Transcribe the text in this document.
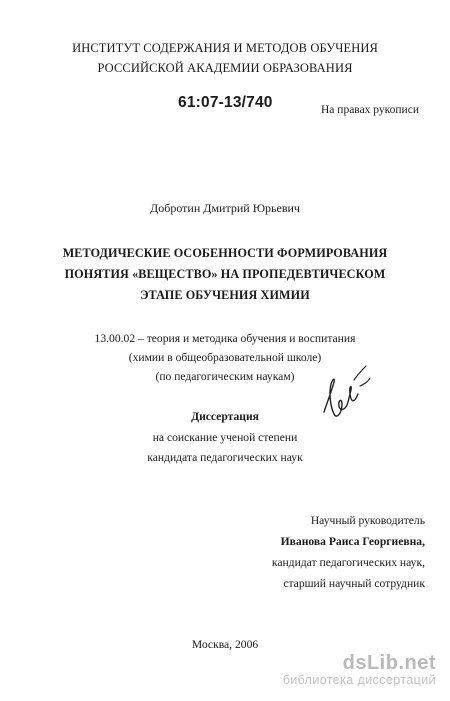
ИНСТИТУТ СОДЕРЖАНИЯ И МЕТОДОВ ОБУЧЕНИЯ
РОССИЙСКОЙ АКАДЕМИИ ОБРАЗОВАНИЯ
61:07-13/740	На правах рукописи
Добротин Дмитрий Юрьевич
МЕТОДИЧЕСКИЕ ОСОБЕННОСТИ ФОРМИРОВАНИЯ
ПОНЯТИЯ «ВЕЩЕСТВО» НА ПРОПЕДЕВТИЧЕСКОМ
ЭТАПЕ ОБУЧЕНИЯ ХИМИИ
13.00.02 – теория и методика обучения и воспитания
(химии в общеобразовательной школе)
(по педагогическим наукам)
Диссертация
на соискание ученой степени
кандидата педагогических наук
Научный руководитель
Иванова Раиса Георгиевна,
кандидат педагогических наук,
старший научный сотрудник
Москва, 2006
dsLib.net
библиотека диссертаций
